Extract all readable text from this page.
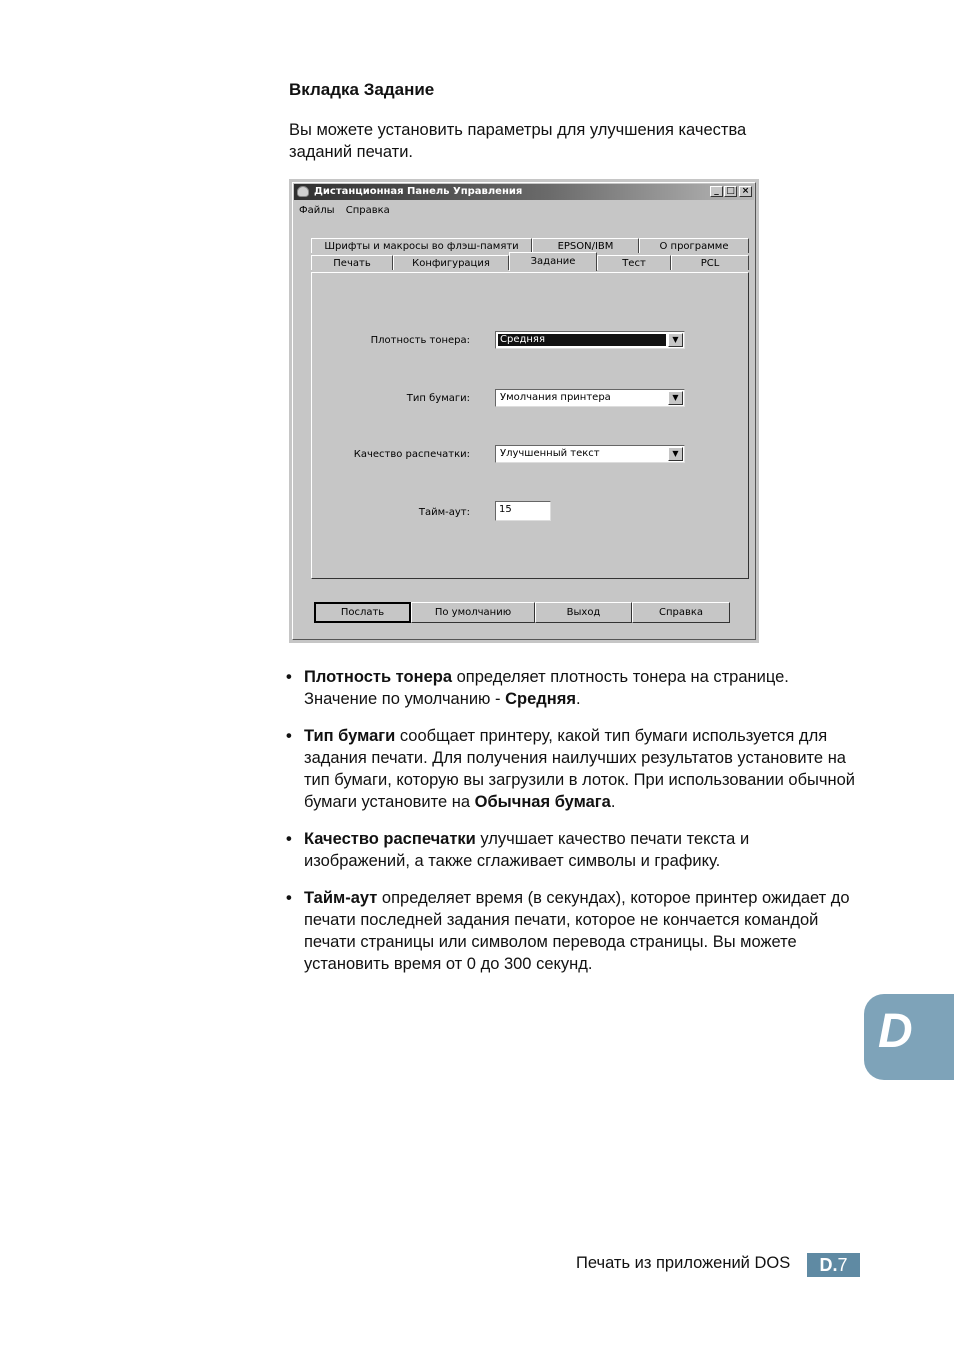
Вкладка Задание
Вы можете установить параметры для улучшения качества заданий печати.
Дистанционная Панель Управления	_ □ ×
Файлы Справка
Шрифты и макросы во флэш-памяти	EPSON/IBM	О программе
Печать	Конфигурация	Задание	Тест	PCL
Плотность тонера:	Средняя	▼
Тип бумаги:	Умолчания принтера	▼
Качество распечатки:	Улучшенный текст	▼
Тайм-аут:	15
Послать	По умолчанию	Выход	Справка
• Плотность тонера определяет плотность тонера на странице. Значение по умолчанию - Средняя.
• Тип бумаги сообщает принтеру, какой тип бумаги используется для задания печати. Для получения наилучших результатов установите на тип бумаги, которую вы загрузили в лоток. При использовании обычной бумаги установите на Обычная бумага.
• Качество распечатки улучшает качество печати текста и изображений, а также сглаживает символы и графику.
• Тайм-аут определяет время (в секундах), которое принтер ожидает до печати последней задания печати, которое не кончается командой печати страницы или символом перевода страницы. Вы можете установить время от 0 до 300 секунд.
D
Печать из приложений DOS	D.7
